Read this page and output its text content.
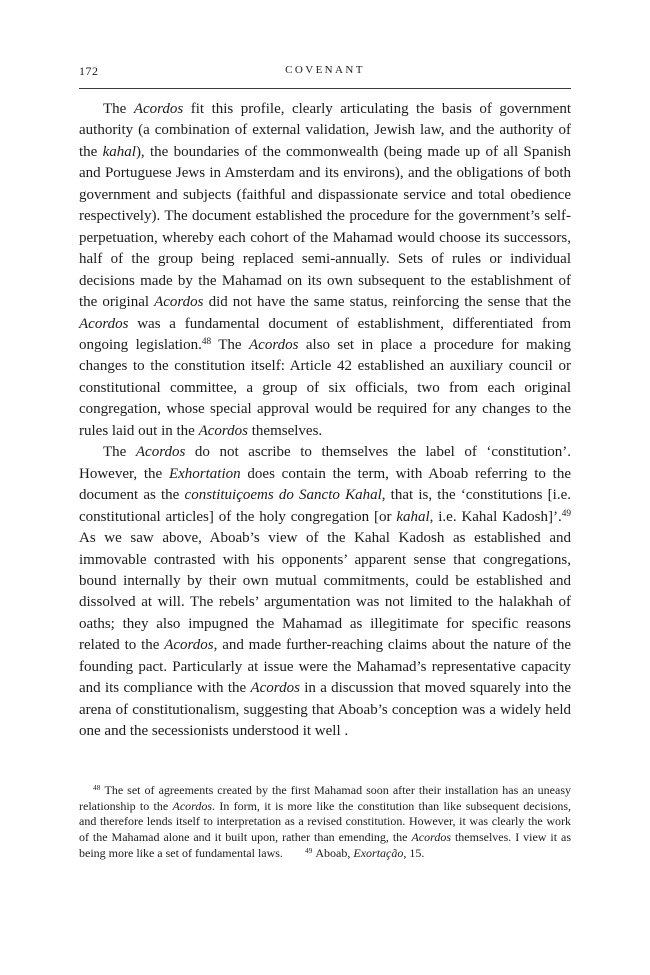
172	COVENANT

The Acordos fit this profile, clearly articulating the basis of government authority (a combination of external validation, Jewish law, and the authority of the kahal), the boundaries of the commonwealth (being made up of all Spanish and Portuguese Jews in Amsterdam and its environs), and the obligations of both government and subjects (faithful and dispassionate service and total obedience respectively). The document established the procedure for the government’s self-perpetuation, whereby each cohort of the Mahamad would choose its successors, half of the group being replaced semi-annually. Sets of rules or individual decisions made by the Mahamad on its own subsequent to the establishment of the original Acordos did not have the same status, reinforcing the sense that the Acordos was a fundamental document of establishment, differentiated from ongoing legislation.$^{48}$ The Acordos also set in place a procedure for making changes to the constitution itself: Article 42 established an auxiliary council or constitutional committee, a group of six officials, two from each original congregation, whose special approval would be required for any changes to the rules laid out in the Acordos themselves.

The Acordos do not ascribe to themselves the label of ‘constitution’. However, the Exhortation does contain the term, with Aboab referring to the document as the constituiçoems do Sancto Kahal, that is, the ‘constitutions [i.e. constitutional articles] of the holy congregation [or kahal, i.e. Kahal Kadosh]’.$^{49}$ As we saw above, Aboab’s view of the Kahal Kadosh as established and immovable contrasted with his opponents’ apparent sense that congregations, bound internally by their own mutual commitments, could be established and dissolved at will. The rebels’ argumentation was not limited to the halakhah of oaths; they also impugned the Mahamad as illegitimate for specific reasons related to the Acordos, and made further-reaching claims about the nature of the founding pact. Particularly at issue were the Mahamad’s representative capacity and its compliance with the Acordos in a discussion that moved squarely into the arena of constitutionalism, suggesting that Aboab’s conception was a widely held one and the secessionists understood it well .

$^{48}$ The set of agreements created by the first Mahamad soon after their installation has an uneasy relationship to the Acordos. In form, it is more like the constitution than like subsequent decisions, and therefore lends itself to interpretation as a revised constitution. However, it was clearly the work of the Mahamad alone and it built upon, rather than emending, the Acordos themselves. I view it as being more like a set of fundamental laws.	$^{49}$ Aboab, Exortação, 15.
